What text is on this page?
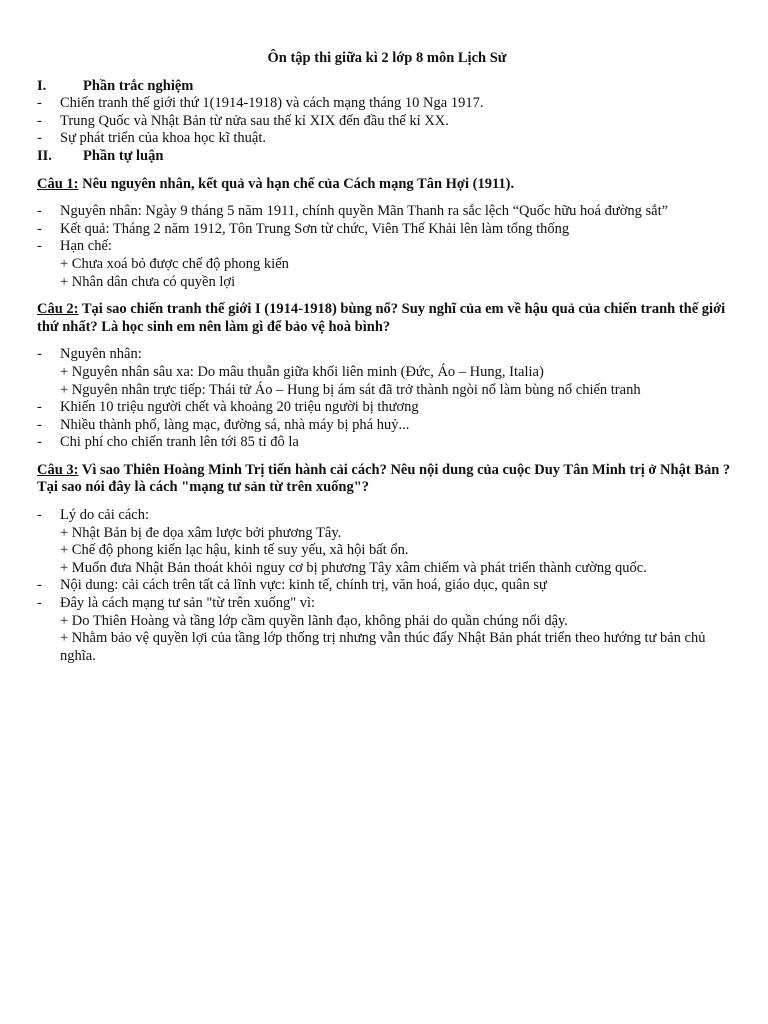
Ôn tập thi giữa kì 2 lớp 8 môn Lịch Sử
I.	Phần trắc nghiệm
-	Chiến tranh thế giới thứ 1(1914-1918) và cách mạng tháng 10 Nga 1917.
-	Trung Quốc và Nhật Bản từ nửa sau thế kỉ XIX đến đầu thế kỉ XX.
-	Sự phát triển của khoa học kĩ thuật.
II.	Phần tự luận
Câu 1: Nêu nguyên nhân, kết quả và hạn chế của Cách mạng Tân Hợi (1911).
-	Nguyên nhân: Ngày 9 tháng 5 năm 1911, chính quyền Mãn Thanh ra sắc lệch “Quốc hữu hoá đường sắt”
-	Kết quả: Tháng 2 năm 1912, Tôn Trung Sơn từ chức, Viên Thế Khải lên làm tổng thống
-	Hạn chế:
+ Chưa xoá bỏ được chế độ phong kiến
+ Nhân dân chưa có quyền lợi
Câu 2: Tại sao chiến tranh thế giới I (1914-1918) bùng nổ? Suy nghĩ của em về hậu quả của chiến tranh thế giới thứ nhất? Là học sinh em nên làm gì để bảo vệ hoà bình?
-	Nguyên nhân:
+ Nguyên nhân sâu xa: Do mâu thuẫn giữa khối liên minh (Đức, Áo – Hung, Italia)
+ Nguyên nhân trực tiếp: Thái tử Áo – Hung bị ám sát đã trở thành ngòi nổ làm bùng nổ chiến tranh
-	Khiến 10 triệu người chết và khoảng 20 triệu người bị thương
-	Nhiều thành phố, làng mạc, đường sá, nhà máy bị phá huỷ...
-	Chi phí cho chiến tranh lên tới 85 tỉ đô la
Câu 3: Vì sao Thiên Hoàng Minh Trị tiến hành cải cách? Nêu nội dung của cuộc Duy Tân Minh trị ở Nhật Bản ? Tại sao nói đây là cách "mạng tư sản từ trên xuống"?
-	Lý do cải cách:
+ Nhật Bản bị đe dọa xâm lược bởi phương Tây.
+ Chế độ phong kiến lạc hậu, kinh tế suy yếu, xã hội bất ổn.
+ Muốn đưa Nhật Bản thoát khỏi nguy cơ bị phương Tây xâm chiếm và phát triển thành cường quốc.
-	Nội dung: cải cách trên tất cả lĩnh vực: kinh tế, chính trị, văn hoá, giáo dục, quân sự
-	Đây là cách mạng tư sản "từ trên xuống" vì:
+ Do Thiên Hoàng và tầng lớp cầm quyền lãnh đạo, không phải do quần chúng nổi dậy.
+ Nhằm bảo vệ quyền lợi của tầng lớp thống trị nhưng vẫn thúc đẩy Nhật Bản phát triển theo hướng tư bản chủ nghĩa.
